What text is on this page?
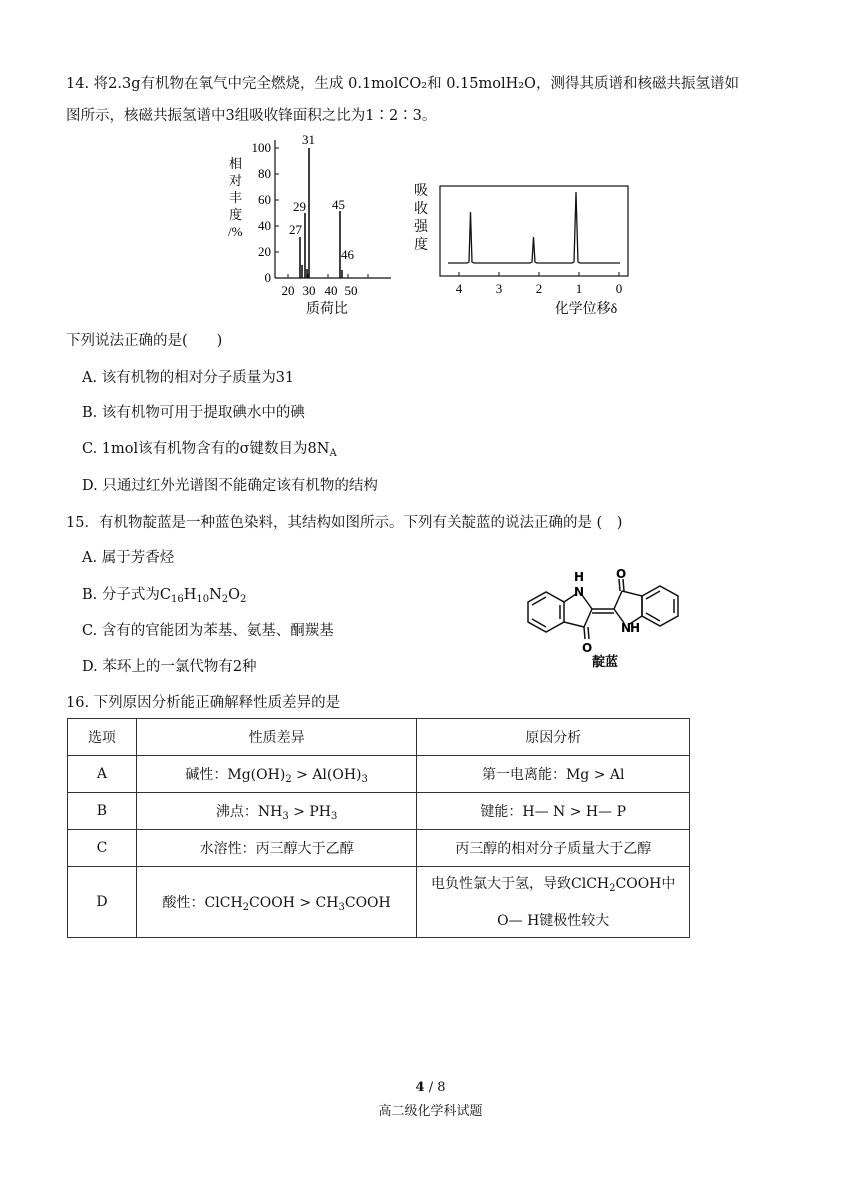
14. 将2.3g有机物在氧气中完全燃烧，生成 0.1molCO₂和 0.15molH₂O，测得其质谱和核磁共振氢谱如
图所示，核磁共振氢谱中3组吸收锋面积之比为1∶2∶3。
相
对
丰
度
/%
100
80
60
40
20
0
31
29 45
27
46
20 30 40 50
质荷比
吸
收
强
度
4	3	2	1	0
化学位移δ
下列说法正确的是(　　)
A. 该有机物的相对分子质量为31
B. 该有机物可用于提取碘水中的碘
C. 1mol该有机物含有的σ键数目为$8N_A$
D. 只通过红外光谱图不能确定该有机物的结构
15．有机物靛蓝是一种蓝色染料，其结构如图所示。下列有关靛蓝的说法正确的是 (　)
A. 属于芳香烃
B. 分子式为$C_{16}H_{10}N_2O_2$
C. 含有的官能团为苯基、氨基、酮羰基
D. 苯环上的一氯代物有2种
H
N
O
O
N
H
靛蓝
16. 下列原因分析能正确解释性质差异的是
选项	性质差异	原因分析
A	碱性：$Mg(OH)_2 > Al(OH)_3$	第一电离能：Mg > Al
B	沸点：$NH_3 > PH_3$	键能：H— N > H— P
C	水溶性：丙三醇大于乙醇	丙三醇的相对分子质量大于乙醇
D	酸性：ClCH$_2$COOH > $CH_3COOH$	电负性氯大于氢，导致ClCH$_2$COOH中
O— H键极性较大
4 / 8
高二级化学科试题
